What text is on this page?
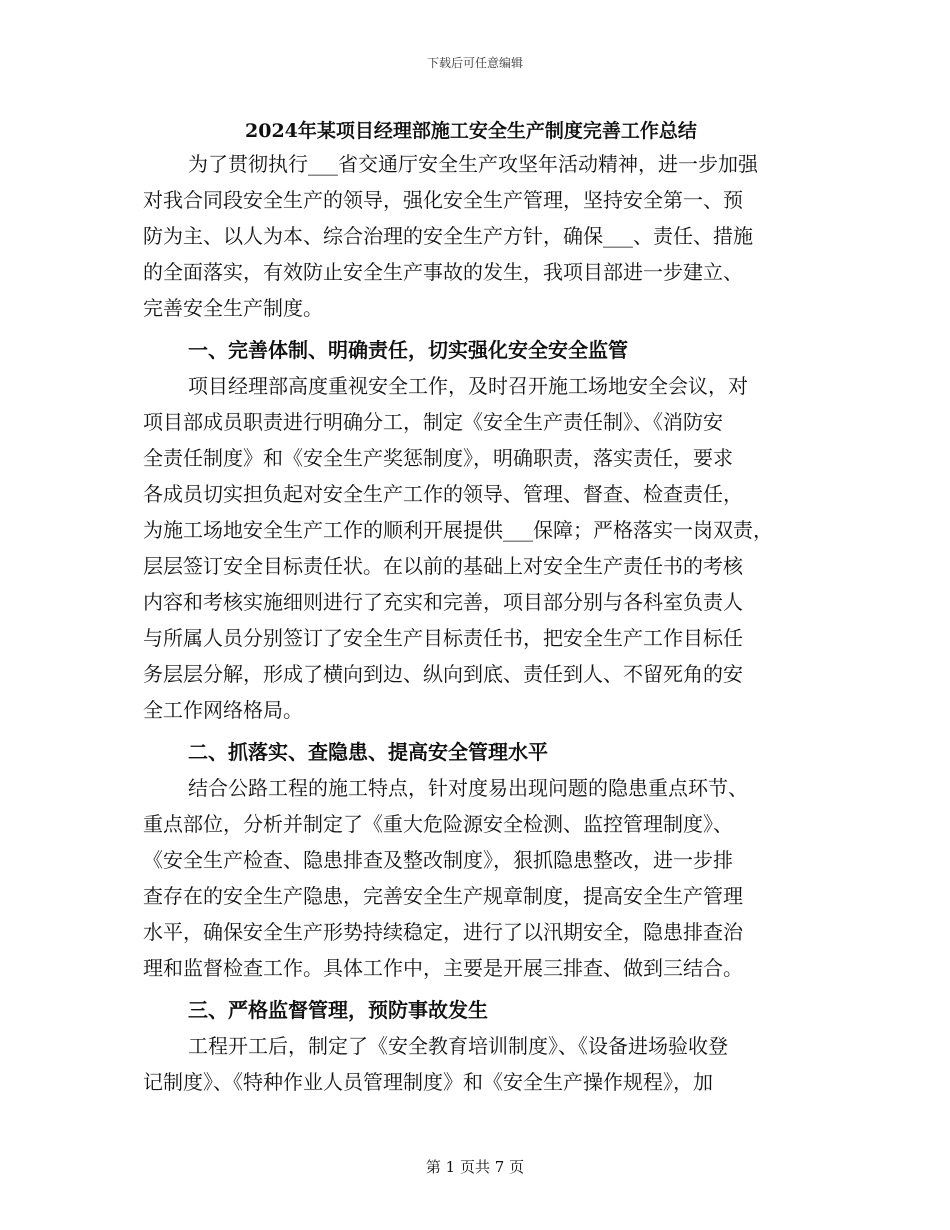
下载后可任意编辑
2024年某项目经理部施工安全生产制度完善工作总结
为了贯彻执行___省交通厅安全生产攻坚年活动精神，进一步加强
对我合同段安全生产的领导，强化安全生产管理，坚持安全第一、预
防为主、以人为本、综合治理的安全生产方针，确保___、责任、措施
的全面落实，有效防止安全生产事故的发生，我项目部进一步建立、
完善安全生产制度。
一、完善体制、明确责任，切实强化安全安全监管
项目经理部高度重视安全工作，及时召开施工场地安全会议，对
项目部成员职责进行明确分工，制定《安全生产责任制》、《消防安
全责任制度》和《安全生产奖惩制度》，明确职责，落实责任，要求
各成员切实担负起对安全生产工作的领导、管理、督查、检查责任，
为施工场地安全生产工作的顺利开展提供___保障；严格落实一岗双责，
层层签订安全目标责任状。在以前的基础上对安全生产责任书的考核
内容和考核实施细则进行了充实和完善，项目部分别与各科室负责人
与所属人员分别签订了安全生产目标责任书，把安全生产工作目标任
务层层分解，形成了横向到边、纵向到底、责任到人、不留死角的安
全工作网络格局。
二、抓落实、查隐患、提高安全管理水平
结合公路工程的施工特点，针对度易出现问题的隐患重点环节、
重点部位，分析并制定了《重大危险源安全检测、监控管理制度》、
《安全生产检查、隐患排查及整改制度》，狠抓隐患整改，进一步排
查存在的安全生产隐患，完善安全生产规章制度，提高安全生产管理
水平，确保安全生产形势持续稳定，进行了以汛期安全，隐患排查治
理和监督检查工作。具体工作中，主要是开展三排查、做到三结合。
三、严格监督管理，预防事故发生
工程开工后，制定了《安全教育培训制度》、《设备进场验收登
记制度》、《特种作业人员管理制度》和《安全生产操作规程》，加
第 1 页共 7 页
